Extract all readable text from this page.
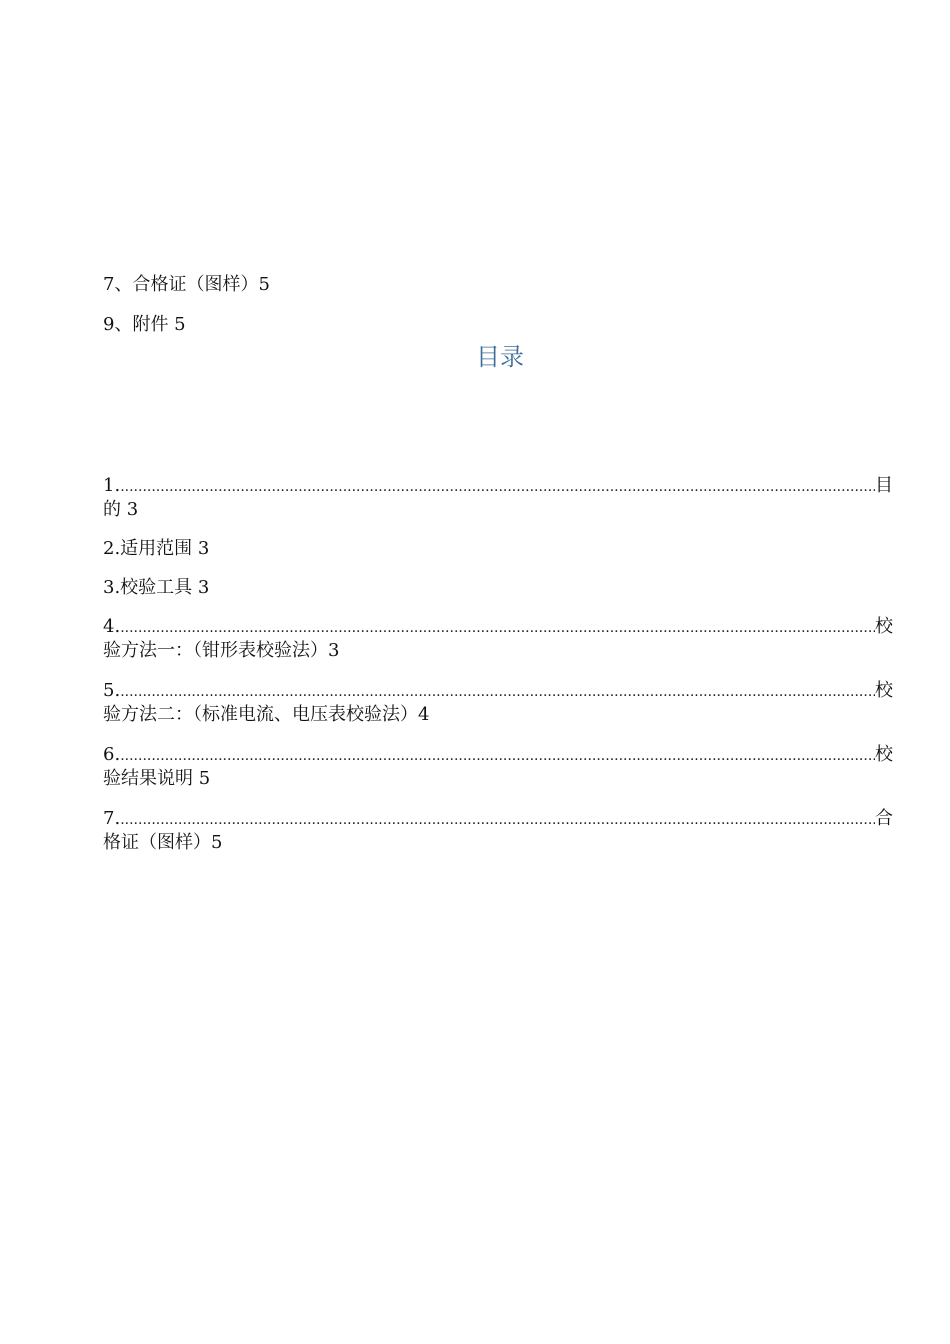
7、合格证（图样）5
9、附件 5
目录
1. .....	目
的 3
2.适用范围 3
3.校验工具 3
4. .....	校
验方法一：（钳形表校验法）3
5. .....	校
验方法二：（标准电流、电压表校验法）4
6. .....	校
验结果说明 5
7. .....	合
格证（图样）5
